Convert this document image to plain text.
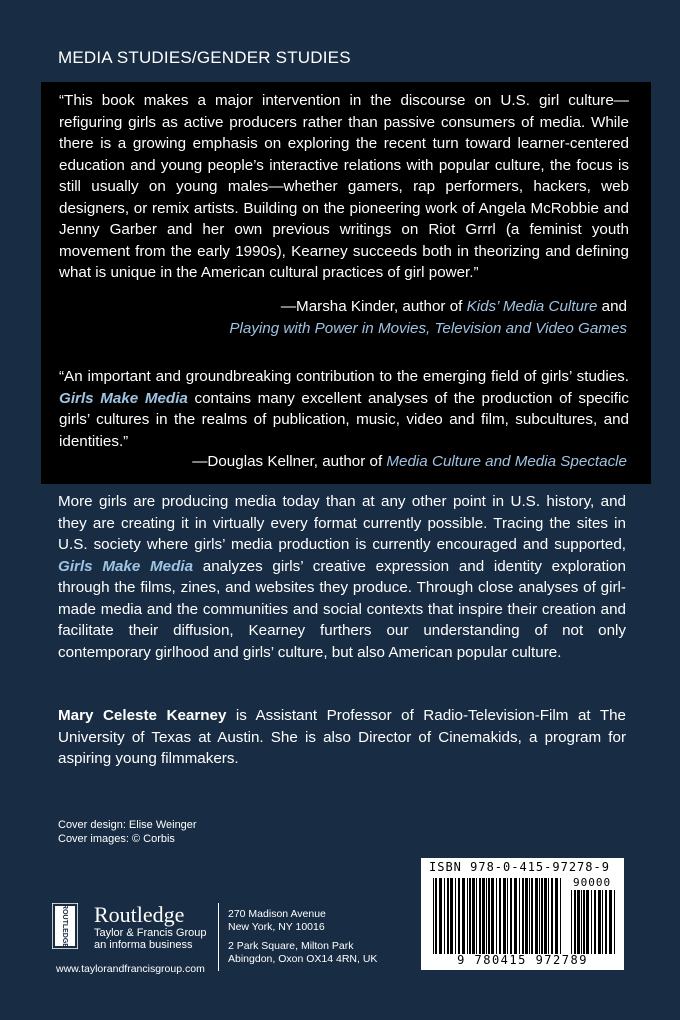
MEDIA STUDIES/GENDER STUDIES
“This book makes a major intervention in the discourse on U.S. girl culture—refiguring girls as active producers rather than passive consumers of media. While there is a growing emphasis on exploring the recent turn toward learner-centered education and young people’s interactive relations with popular culture, the focus is still usually on young males—whether gamers, rap performers, hackers, web designers, or remix artists. Building on the pioneering work of Angela McRobbie and Jenny Garber and her own previous writings on Riot Grrrl (a feminist youth movement from the early 1990s), Kearney succeeds both in theorizing and defining what is unique in the American cultural practices of girl power.”
—Marsha Kinder, author of Kids’ Media Culture and
Playing with Power in Movies, Television and Video Games
“An important and groundbreaking contribution to the emerging field of girls’ studies. Girls Make Media contains many excellent analyses of the production of specific girls’ cultures in the realms of publication, music, video and film, subcultures, and identities.”
—Douglas Kellner, author of Media Culture and Media Spectacle
More girls are producing media today than at any other point in U.S. history, and they are creating it in virtually every format currently possible. Tracing the sites in U.S. society where girls’ media production is currently encouraged and supported, Girls Make Media analyzes girls’ creative expression and identity exploration through the films, zines, and websites they produce. Through close analyses of girl-made media and the communities and social contexts that inspire their creation and facilitate their diffusion, Kearney furthers our understanding of not only contemporary girlhood and girls’ culture, but also American popular culture.
Mary Celeste Kearney is Assistant Professor of Radio-Television-Film at The University of Texas at Austin. She is also Director of Cinemakids, a program for aspiring young filmmakers.
Cover design: Elise Weinger
Cover images: © Corbis
ROUTLEDGE Routledge
Taylor & Francis Group
an informa business
www.taylorandfrancisgroup.com
270 Madison Avenue
New York, NY 10016
2 Park Square, Milton Park
Abingdon, Oxon OX14 4RN, UK
ISBN 978-0-415-97278-9
90000
9 780415 972789
